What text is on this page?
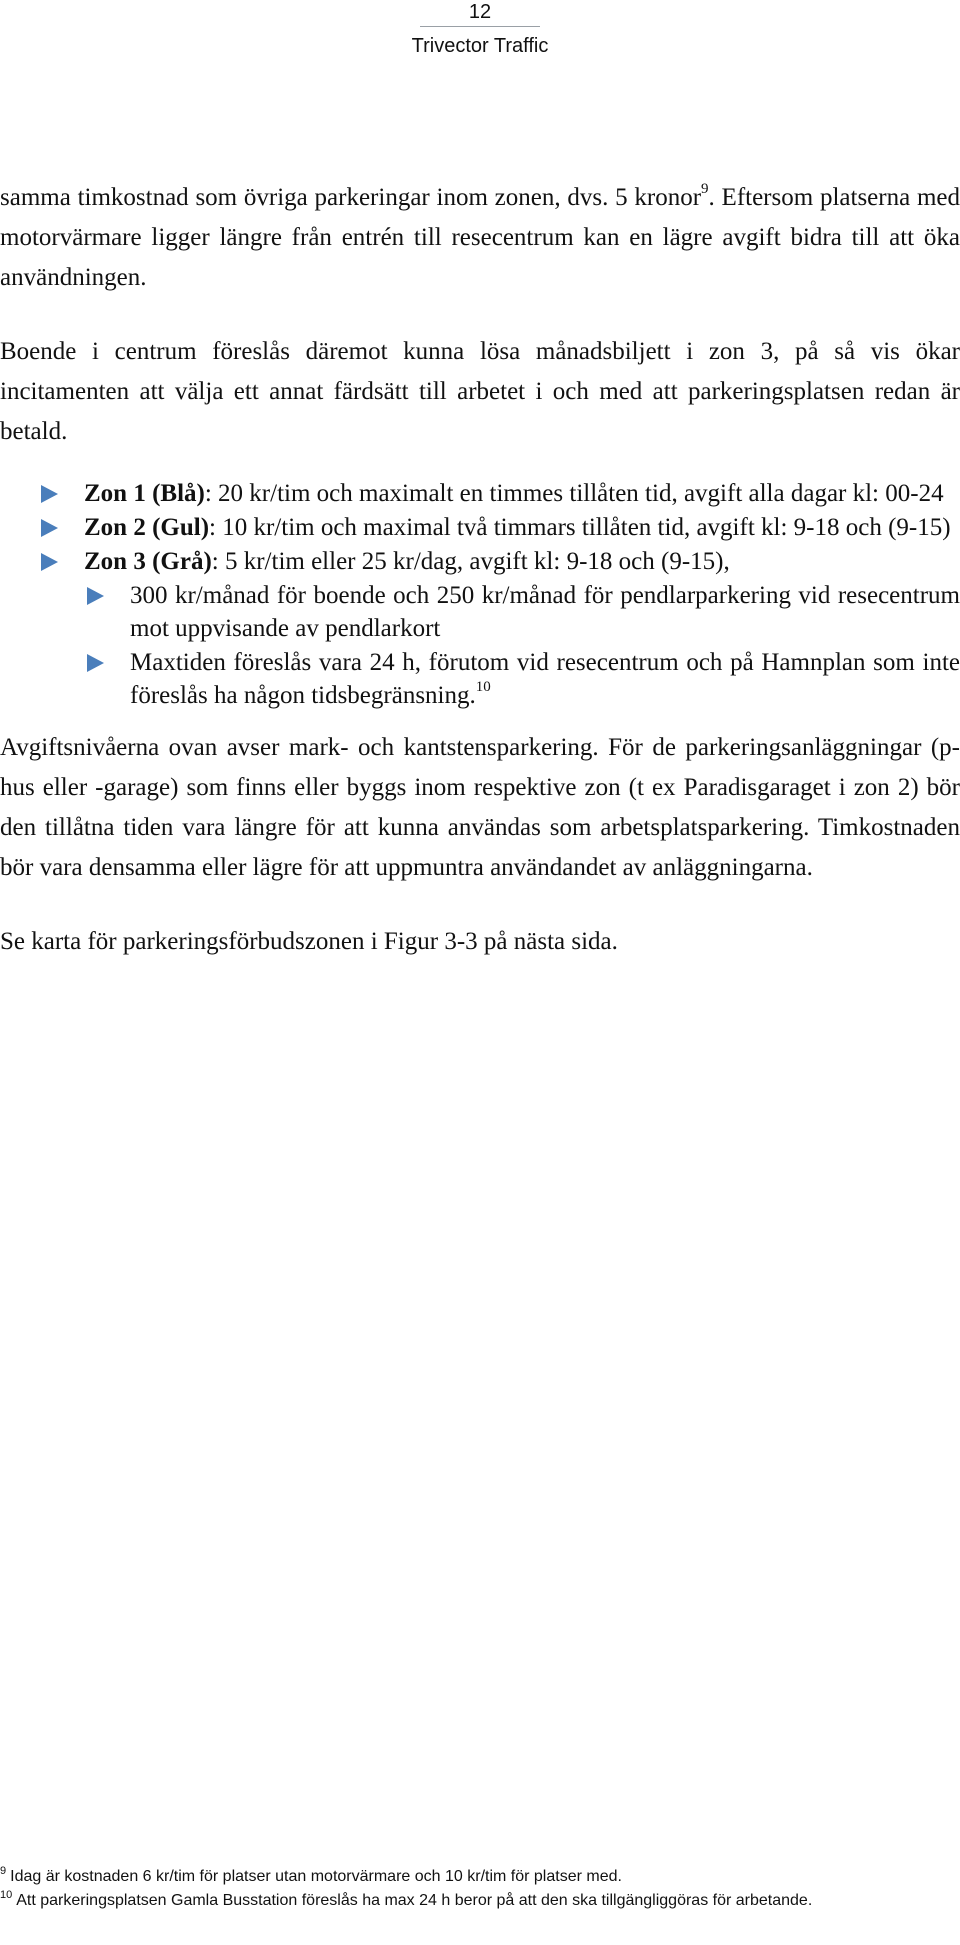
12
Trivector Traffic

samma timkostnad som övriga parkeringar inom zonen, dvs. 5 kronor$^9$. Eftersom platserna med motorvärmare ligger längre från entrén till resecentrum kan en lägre avgift bidra till att öka användningen.

Boende i centrum föreslås däremot kunna lösa månadsbiljett i zon 3, på så vis ökar incitamenten att välja ett annat färdsätt till arbetet i och med att parkeringsplatsen redan är betald.

Zon 1 (Blå): 20 kr/tim och maximalt en timmes tillåten tid, avgift alla dagar kl: 00-24
Zon 2 (Gul): 10 kr/tim och maximal två timmars tillåten tid, avgift kl: 9-18 och (9-15)
Zon 3 (Grå): 5 kr/tim eller 25 kr/dag, avgift kl: 9-18 och (9-15),
300 kr/månad för boende och 250 kr/månad för pendlarparkering vid resecentrum mot uppvisande av pendlarkort
Maxtiden föreslås vara 24 h, förutom vid resecentrum och på Hamnplan som inte föreslås ha någon tidsbegränsning.$^{10}$

Avgiftsnivåerna ovan avser mark- och kantstensparkering. För de parkeringsanläggningar (p-hus eller -garage) som finns eller byggs inom respektive zon (t ex Paradisgaraget i zon 2) bör den tillåtna tiden vara längre för att kunna användas som arbetsplatsparkering. Timkostnaden bör vara densamma eller lägre för att uppmuntra användandet av anläggningarna.

Se karta för parkeringsförbudszonen i Figur 3-3 på nästa sida.

$^9$ Idag är kostnaden 6 kr/tim för platser utan motorvärmare och 10 kr/tim för platser med.

$^{10}$ Att parkeringsplatsen Gamla Busstation föreslås ha max 24 h beror på att den ska tillgängliggöras för arbetande.
